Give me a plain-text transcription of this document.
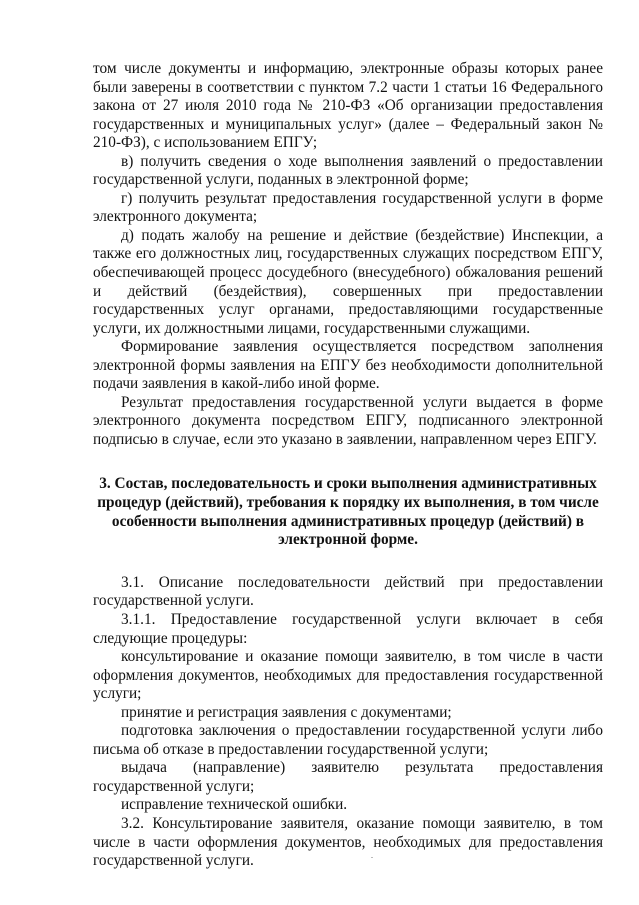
том числе документы и информацию, электронные образы которых ранее были заверены в соответствии с пунктом 7.2 части 1 статьи 16 Федерального закона от 27 июля 2010 года № 210-ФЗ «Об организации предоставления государственных и муниципальных услуг» (далее – Федеральный закон № 210-ФЗ), с использованием ЕПГУ;

в) получить сведения о ходе выполнения заявлений о предоставлении государственной услуги, поданных в электронной форме;

г) получить результат предоставления государственной услуги в форме электронного документа;

д) подать жалобу на решение и действие (бездействие) Инспекции, а также его должностных лиц, государственных служащих посредством ЕПГУ, обеспечивающей процесс досудебного (внесудебного) обжалования решений и действий (бездействия), совершенных при предоставлении государственных услуг органами, предоставляющими государственные услуги, их должностными лицами, государственными служащими.

Формирование заявления осуществляется посредством заполнения электронной формы заявления на ЕПГУ без необходимости дополнительной подачи заявления в какой-либо иной форме.

Результат предоставления государственной услуги выдается в форме электронного документа посредством ЕПГУ, подписанного электронной подписью в случае, если это указано в заявлении, направленном через ЕПГУ.

3. Состав, последовательность и сроки выполнения административных
процедур (действий), требования к порядку их выполнения, в том числе
особенности выполнения административных процедур (действий) в
электронной форме.

3.1. Описание последовательности действий при предоставлении государственной услуги.

3.1.1. Предоставление государственной услуги включает в себя следующие процедуры:

консультирование и оказание помощи заявителю, в том числе в части оформления документов, необходимых для предоставления государственной услуги;

принятие и регистрация заявления с документами;

подготовка заключения о предоставлении государственной услуги либо письма об отказе в предоставлении государственной услуги;

выдача (направление) заявителю результата предоставления государственной услуги;

исправление технической ошибки.

3.2. Консультирование заявителя, оказание помощи заявителю, в том числе в части оформления документов, необходимых для предоставления государственной услуги.
